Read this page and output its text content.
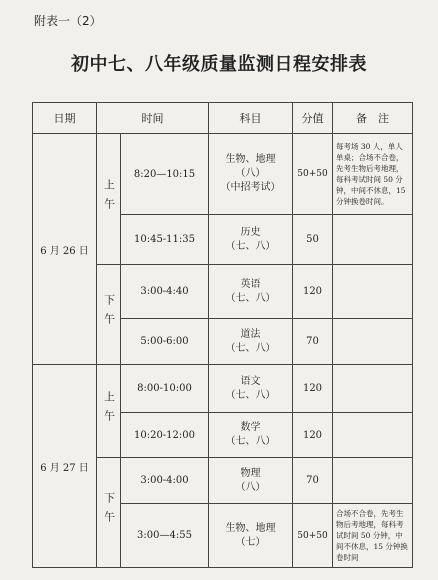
附表一（2）
初中七、八年级质量监测日程安排表
日期	时间		科目	分值	备　注
6 月 26 日	上午	8:20—10:15	生物、地理
（八）
（中招考试）	50+50	每考场 30 人，单人单桌；合场不合卷，先考生物后考地理，每科考试时间 50 分钟，中间不休息，15 分钟换卷时间。
		10:45-11:35	历史
（七、八）	50	
	下午	3:00-4:40	英语
（七、八）	120	
		5:00-6:00	道法
（七、八）	70	
6 月 27 日	上午	8:00-10:00	语文
（七、八）	120	
		10:20-12:00	数学
（七、八）	120	
	下午	3:00-4:00	物理
（八）	70	
		3:00—4:55	生物、地理
（七）	50+50	合场不合卷，先考生物后考地理，每科考试时间 50 分钟，中间不休息，15 分钟换卷时间
